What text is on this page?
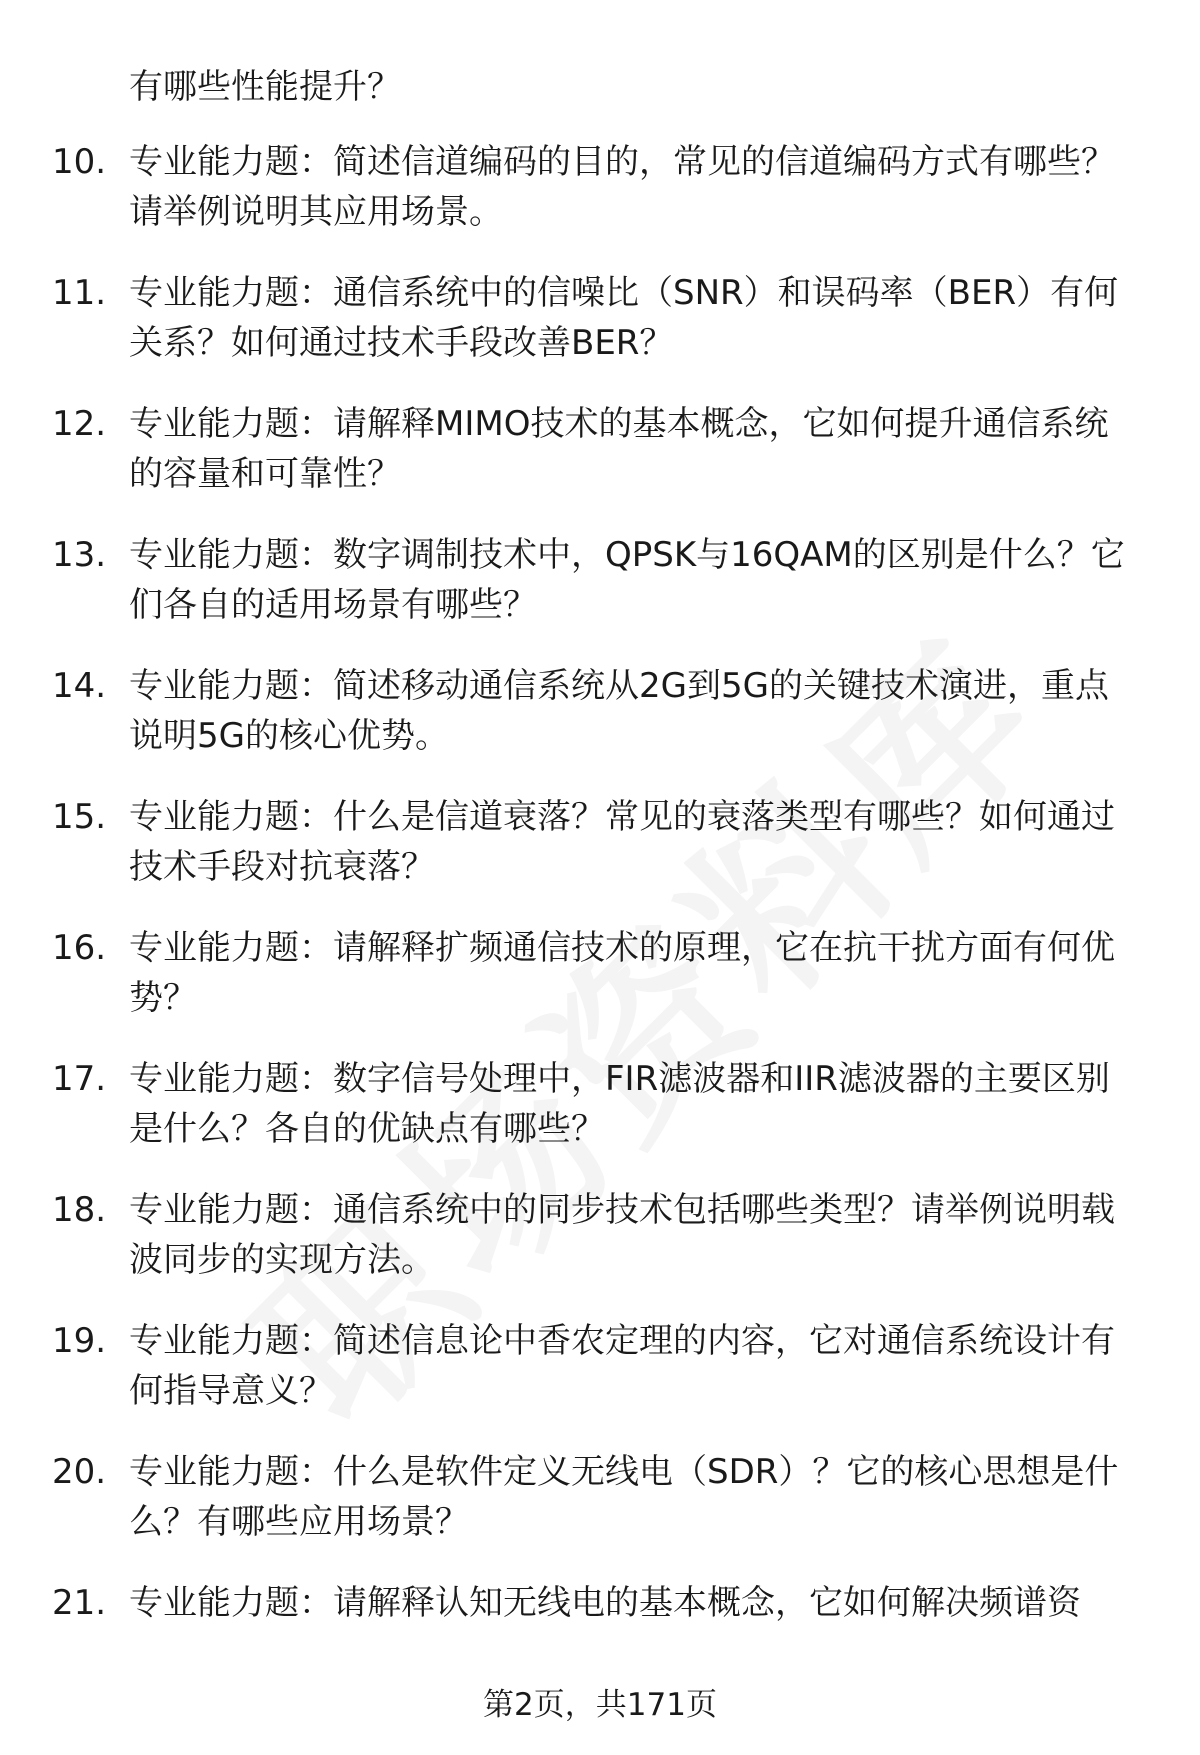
有哪些性能提升？

10. 专业能力题：简述信道编码的目的，常见的信道编码方式有哪些？请举例说明其应用场景。

11. 专业能力题：通信系统中的信噪比（SNR）和误码率（BER）有何关系？如何通过技术手段改善BER？

12. 专业能力题：请解释MIMO技术的基本概念，它如何提升通信系统的容量和可靠性？

13. 专业能力题：数字调制技术中，QPSK与16QAM的区别是什么？它们各自的适用场景有哪些？

14. 专业能力题：简述移动通信系统从2G到5G的关键技术演进，重点说明5G的核心优势。

15. 专业能力题：什么是信道衰落？常见的衰落类型有哪些？如何通过技术手段对抗衰落？

16. 专业能力题：请解释扩频通信技术的原理，它在抗干扰方面有何优势？

17. 专业能力题：数字信号处理中，FIR滤波器和IIR滤波器的主要区别是什么？各自的优缺点有哪些？

18. 专业能力题：通信系统中的同步技术包括哪些类型？请举例说明载波同步的实现方法。

19. 专业能力题：简述信息论中香农定理的内容，它对通信系统设计有何指导意义？

20. 专业能力题：什么是软件定义无线电（SDR）？它的核心思想是什么？有哪些应用场景？

21. 专业能力题：请解释认知无线电的基本概念，它如何解决频谱资

第2页，共171页
